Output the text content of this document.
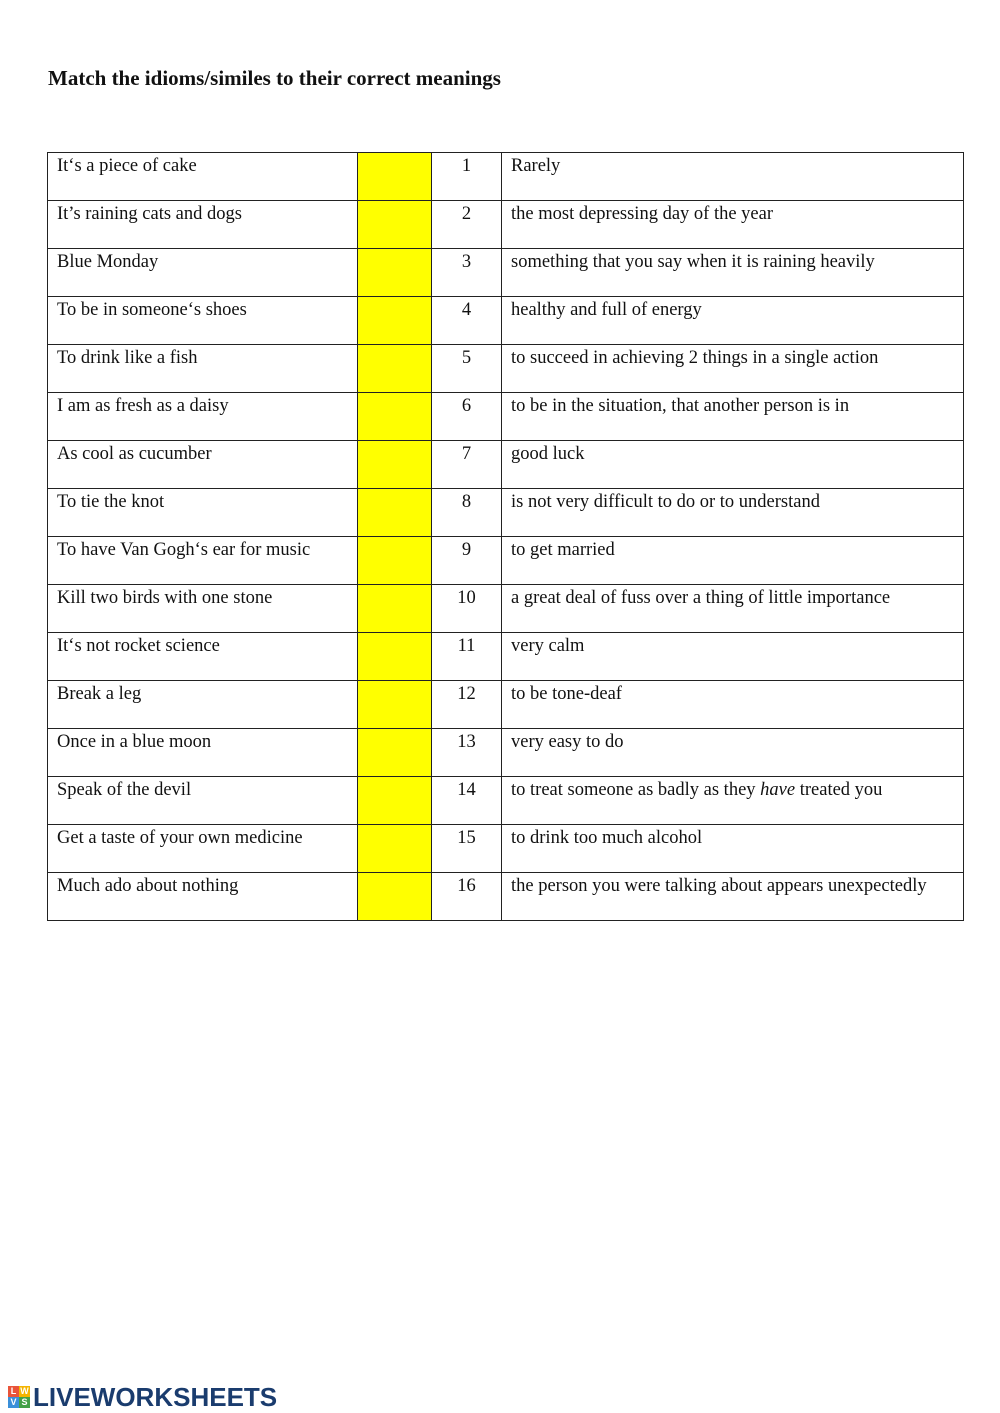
Match the idioms/similes to their correct meanings
It‘s a piece of cake		1	Rarely
It’s raining cats and dogs		2	the most depressing day of the year
Blue Monday		3	something that you say when it is raining heavily
To be in someone‘s shoes		4	healthy and full of energy
To drink like a fish		5	to succeed in achieving 2 things in a single action
I am as fresh as a daisy		6	to be in the situation, that another person is in
As cool as cucumber		7	good luck
To tie the knot		8	is not very difficult to do or to understand
To have Van Gogh‘s ear for music		9	to get married
Kill two birds with one stone		10	a great deal of fuss over a thing of little importance
It‘s not rocket science		11	very calm
Break a leg		12	to be tone-deaf
Once in a blue moon		13	very easy to do
Speak of the devil		14	to treat someone as badly as they have treated you
Get a taste of your own medicine		15	to drink too much alcohol
Much ado about nothing		16	the person you were talking about appears unexpectedly
L W
V S LIVEWORKSHEETS
